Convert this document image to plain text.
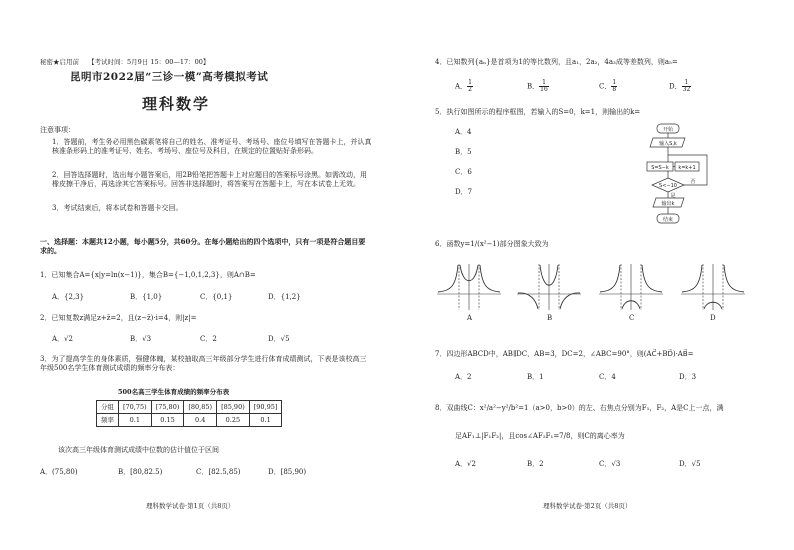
秘密★启用前 【考试时间：5月9日 15：00—17：00】
昆明市2022届“三诊一模”高考模拟考试
理科数学
注意事项：
1．答题前，考生务必用黑色碳素笔将自己的姓名、准考证号、考场号、座位号填写在答题卡上，并认真核准条形码上的准考证号、姓名、考场号、座位号及科目，在规定的位置贴好条形码。
2．回答选择题时，选出每小题答案后，用2B铅笔把答题卡上对应题目的答案标号涂黑。如需改动，用橡皮擦干净后，再选涂其它答案标号。回答非选择题时，将答案写在答题卡上，写在本试卷上无效。
3．考试结束后，将本试卷和答题卡交回。
一、选择题：本题共12小题，每小题5分，共60分。在每小题给出的四个选项中，只有一项是符合题目要求的。
1．已知集合A={x|y=ln(x−1)}，集合B={−1,0,1,2,3}，则A∩B=
A．{2,3}	B．{1,0}	C．{0,1}	D．{1,2}
2．已知复数z满足z+z̄=2，且(z−z̄)·i=4，则|z|=
A．√2	B．√3	C．2	D．√5
3．为了提高学生的身体素质，强健体魄，某校抽取高三年级部分学生进行体育成绩测试，下表是该校高三年级500名学生体育测试成绩的频率分布表：
500名高三学生体育成绩的频率分布表
分组	[70,75)	[75,80)	[80,85)	[85,90)	[90,95]
频率	0.1	0.15	0.4	0.25	0.1
该次高三年级体育测试成绩中位数的估计值位于区间
A．(75,80)	B．[80,82.5)	C．[82.5,85)	D．[85,90)
理科数学试卷·第1页（共8页）
4．已知数列{aₙ}是首项为1的等比数列，且a₁，2a₂，4a₃成等差数列，则a₅=
A． $\frac{1}{2}$	B． $\frac{1}{16}$	C． $\frac{1}{8}$	D． $\frac{1}{32}$
5．执行如图所示的程序框图，若输入的S=0，k=1，则输出的k=
A．4
B．5
C．6
D．7
开始
输入S,k
S=S−k k=k+1
S<−10
否
是
输出k
结束
6．函数y=1/(x²−1)部分图象大致为
A	B	C	D
7．四边形ABCD中，AB∥DC，AB=3，DC=2，∠ABC=90°，则(AC⃗+BD⃗)·AB⃗=
A．2	B．1	C．4	D．3
8．双曲线C：x²/a²−y²/b²=1（a>0，b>0）的左、右焦点分别为F₁，F₂，A是C上一点，满
足AF₁⊥|F₁F₂|，且cos∠AF₂F₁=7/8，则C的离心率为
A．√2	B．2	C．√3	D．√5
理科数学试卷·第2页（共8页）
